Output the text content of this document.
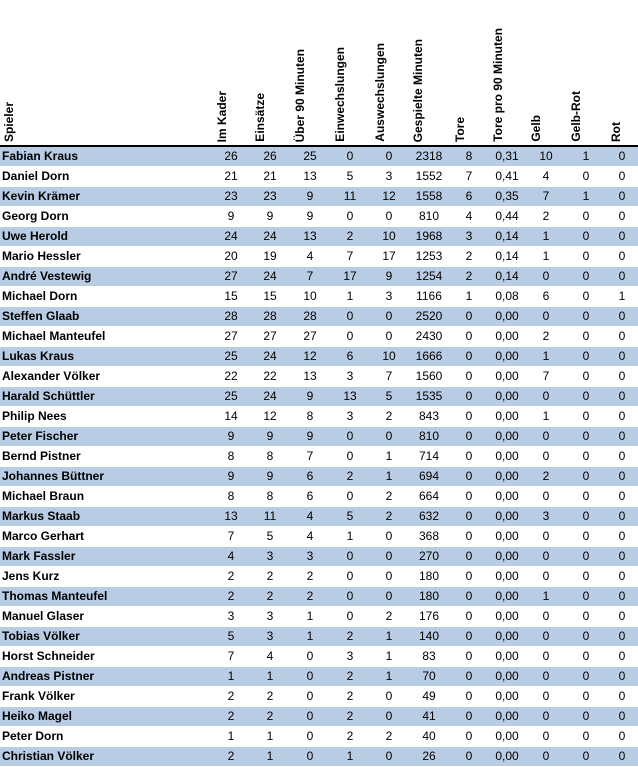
Spieler	Im Kader	Einsätze	Über 90 Minuten	Einwechslungen	Auswechslungen	Gespielte Minuten	Tore	Tore pro 90 Minuten	Gelb	Gelb-Rot	Rot
Fabian Kraus	26	26	25	0	0	2318	8	0,31	10	1	0
Daniel Dorn	21	21	13	5	3	1552	7	0,41	4	0	0
Kevin Krämer	23	23	9	11	12	1558	6	0,35	7	1	0
Georg Dorn	9	9	9	0	0	810	4	0,44	2	0	0
Uwe Herold	24	24	13	2	10	1968	3	0,14	1	0	0
Mario Hessler	20	19	4	7	17	1253	2	0,14	1	0	0
André Vestewig	27	24	7	17	9	1254	2	0,14	0	0	0
Michael Dorn	15	15	10	1	3	1166	1	0,08	6	0	1
Steffen Glaab	28	28	28	0	0	2520	0	0,00	0	0	0
Michael Manteufel	27	27	27	0	0	2430	0	0,00	2	0	0
Lukas Kraus	25	24	12	6	10	1666	0	0,00	1	0	0
Alexander Völker	22	22	13	3	7	1560	0	0,00	7	0	0
Harald Schüttler	25	24	9	13	5	1535	0	0,00	0	0	0
Philip Nees	14	12	8	3	2	843	0	0,00	1	0	0
Peter Fischer	9	9	9	0	0	810	0	0,00	0	0	0
Bernd Pistner	8	8	7	0	1	714	0	0,00	0	0	0
Johannes Büttner	9	9	6	2	1	694	0	0,00	2	0	0
Michael Braun	8	8	6	0	2	664	0	0,00	0	0	0
Markus Staab	13	11	4	5	2	632	0	0,00	3	0	0
Marco Gerhart	7	5	4	1	0	368	0	0,00	0	0	0
Mark Fassler	4	3	3	0	0	270	0	0,00	0	0	0
Jens Kurz	2	2	2	0	0	180	0	0,00	0	0	0
Thomas Manteufel	2	2	2	0	0	180	0	0,00	1	0	0
Manuel Glaser	3	3	1	0	2	176	0	0,00	0	0	0
Tobias Völker	5	3	1	2	1	140	0	0,00	0	0	0
Horst Schneider	7	4	0	3	1	83	0	0,00	0	0	0
Andreas Pistner	1	1	0	2	1	70	0	0,00	0	0	0
Frank Völker	2	2	0	2	0	49	0	0,00	0	0	0
Heiko Magel	2	2	0	2	0	41	0	0,00	0	0	0
Peter Dorn	1	1	0	2	2	40	0	0,00	0	0	0
Christian Völker	2	1	0	1	0	26	0	0,00	0	0	0
